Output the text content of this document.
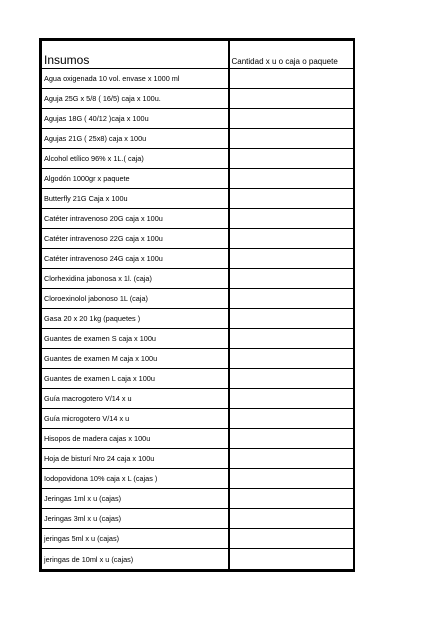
Insumos	Cantidad x u o caja o paquete
Agua oxigenada 10 vol. envase x 1000 ml	
Aguja 25G x 5/8 ( 16/5) caja x 100u.	
Agujas 18G ( 40/12 )caja x 100u	
Agujas 21G ( 25x8) caja x 100u	
Alcohol etílico 96% x 1L.( caja)	
Algodón 1000gr x paquete	
Butterfly 21G Caja x 100u	
Catéter intravenoso 20G caja x 100u	
Catéter intravenoso 22G caja x 100u	
Catéter intravenoso 24G caja x 100u	
Clorhexidina jabonosa x 1l. (caja)	
Cloroexinolol jabonoso 1L (caja)	
Gasa 20 x 20 1kg (paquetes )	
Guantes de examen S caja x 100u	
Guantes de examen M caja x 100u	
Guantes de examen L caja x 100u	
Guía macrogotero V/14 x u	
Guía microgotero V/14 x u	
Hisopos de madera cajas x 100u	
Hoja de bisturí Nro 24 caja x 100u	
Iodopovidona 10% caja x L (cajas )	
Jeringas 1ml x u (cajas)	
Jeringas 3ml x u (cajas)	
jeringas 5ml x u (cajas)	
jeringas de 10ml x u (cajas)	
